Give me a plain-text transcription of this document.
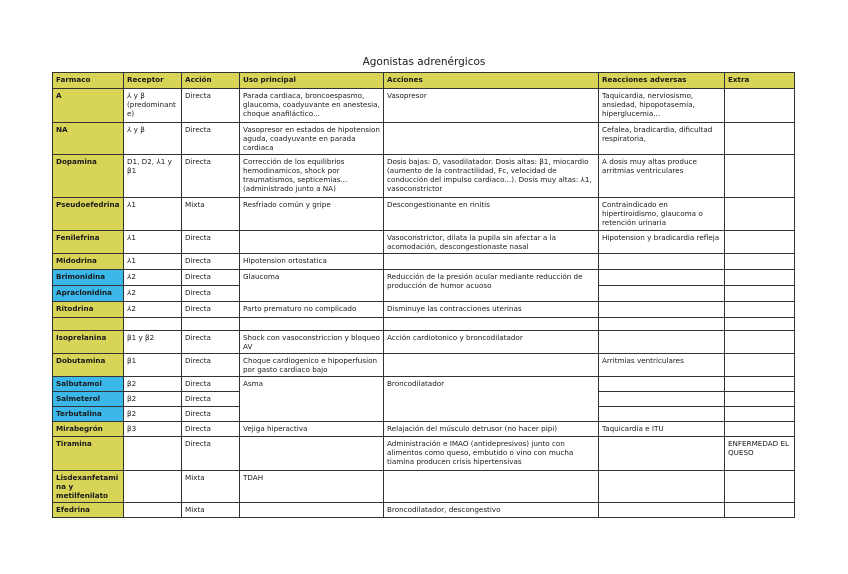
Agonistas adrenérgicos
Farmaco	Receptor	Acción	Uso principal	Acciones	Reacciones adversas	Extra
A	⅄ y β (predominant e)	Directa	Parada cardiaca, broncoespasmo, glaucoma, coadyuvante en anestesia, choque anafiláctico...	Vasopresor	Taquicardia, nerviosismo, ansiedad, hipopotasemia, hiperglucemia...	
NA	⅄ y β	Directa	Vasopresor en estados de hipotension aguda, coadyuvante en parada cardiaca		Cefalea, bradicardia, dificultad respiratoria,	
Dopamina	D1, D2, ⅄1 y β1	Directa	Corrección de los equilibrios hemodinamicos, shock por traumatismos, septicemias... (administrado junto a NA)	Dosis bajas: D, vasodilatador. Dosis altas: β1, miocardio (aumento de la contractilidad, Fc, velocidad de conducción del impulso cardiaco...). Dosis muy altas: ⅄1, vasoconstrictor	A dosis muy altas produce arritmias ventriculares	
Pseudoefedrina	⅄1	Mixta	Resfriado común y gripe	Descongestionante en rinitis	Contraindicado en hipertiroidismo, glaucoma o retención urinaria	
Fenilefrina	⅄1	Directa		Vasoconstrictor, dilata la pupila sin afectar a la acomodación, descongestionaste nasal	Hipotension y bradicardia refleja	
Midodrina	⅄1	Directa	Hipotension ortostatica			
Brimonidina	⅄2	Directa	Glaucoma	Reducción de la presión ocular mediante reducción de producción de humor acuoso		
Apraclonidina	⅄2	Directa				
Ritodrina	⅄2	Directa	Parto prematuro no complicado	Disminuye las contracciones uterinas		

Isoprelanina	β1 y β2	Directa	Shock con vasoconstriccion y bloqueo AV	Acción cardiotonico y broncodilatador		
Dobutamina	β1	Directa	Choque cardiogenico e hipoperfusion por gasto cardiaco bajo		Arritmias ventriculares	
Salbutamol	β2	Directa	Asma	Broncodilatador		
Salmeterol	β2	Directa				
Terbutalina	β2	Directa				
Mirabegrón	β3	Directa	Vejiga hiperactiva	Relajación del músculo detrusor (no hacer pipi)	Taquicardia e ITU	
Tiramina		Directa		Administración e IMAO (antidepresivos) junto con alimentos como queso, embutido o vino con mucha tiamina producen crisis hipertensivas		ENFERMEDAD EL QUESO
Lisdexanfetami na y metilfenilato		Mixta	TDAH			
Efedrina		Mixta		Broncodilatador, descongestivo		
